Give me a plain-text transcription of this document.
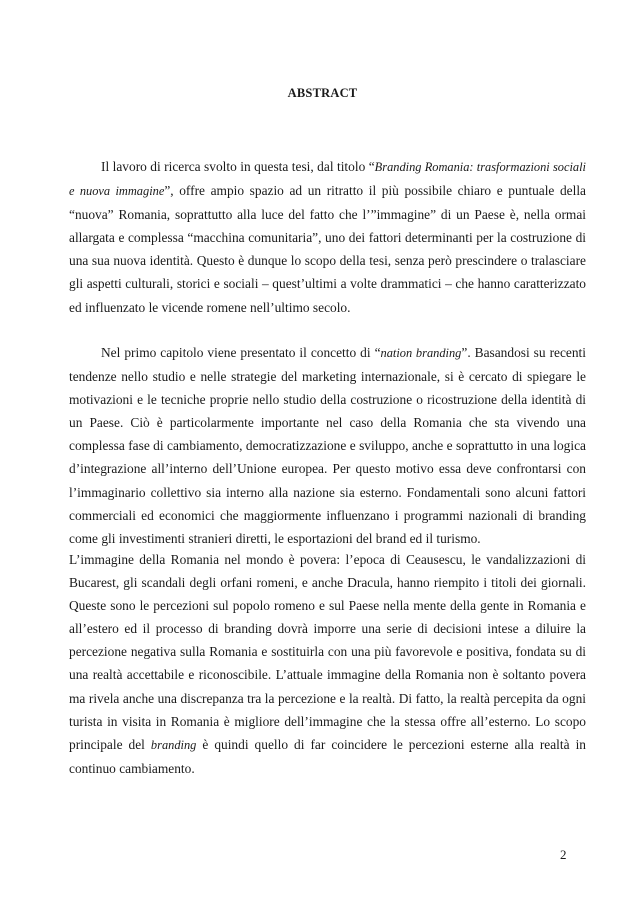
ABSTRACT

Il lavoro di ricerca svolto in questa tesi, dal titolo “Branding Romania: trasformazioni sociali e nuova immagine”, offre ampio spazio ad un ritratto il più possibile chiaro e puntuale della “nuova” Romania, soprattutto alla luce del fatto che l’”immagine” di un Paese è, nella ormai allargata e complessa “macchina comunitaria”, uno dei fattori determinanti per la costruzione di una sua nuova identità. Questo è dunque lo scopo della tesi, senza però prescindere o tralasciare gli aspetti culturali, storici e sociali – quest’ultimi a volte drammatici – che hanno caratterizzato ed influenzato le vicende romene nell’ultimo secolo.

Nel primo capitolo viene presentato il concetto di “nation branding”. Basandosi su recenti tendenze nello studio e nelle strategie del marketing internazionale, si è cercato di spiegare le motivazioni e le tecniche proprie nello studio della costruzione o ricostruzione della identità di un Paese. Ciò è particolarmente importante nel caso della Romania che sta vivendo una complessa fase di cambiamento, democratizzazione e sviluppo, anche e soprattutto in una logica d’integrazione all’interno dell’Unione europea. Per questo motivo essa deve confrontarsi con l’immaginario collettivo sia interno alla nazione sia esterno. Fondamentali sono alcuni fattori commerciali ed economici che maggiormente influenzano i programmi nazionali di branding come gli investimenti stranieri diretti, le esportazioni del brand ed il turismo.

L’immagine della Romania nel mondo è povera: l’epoca di Ceausescu, le vandalizzazioni di Bucarest, gli scandali degli orfani romeni, e anche Dracula, hanno riempito i titoli dei giornali. Queste sono le percezioni sul popolo romeno e sul Paese nella mente della gente in Romania e all’estero ed il processo di branding dovrà imporre una serie di decisioni intese a diluire la percezione negativa sulla Romania e sostituirla con una più favorevole e positiva, fondata su di una realtà accettabile e riconoscibile. L’attuale immagine della Romania non è soltanto povera ma rivela anche una discrepanza tra la percezione e la realtà. Di fatto, la realtà percepita da ogni turista in visita in Romania è migliore dell’immagine che la stessa offre all’esterno. Lo scopo principale del branding è quindi quello di far coincidere le percezioni esterne alla realtà in continuo cambiamento.

2
